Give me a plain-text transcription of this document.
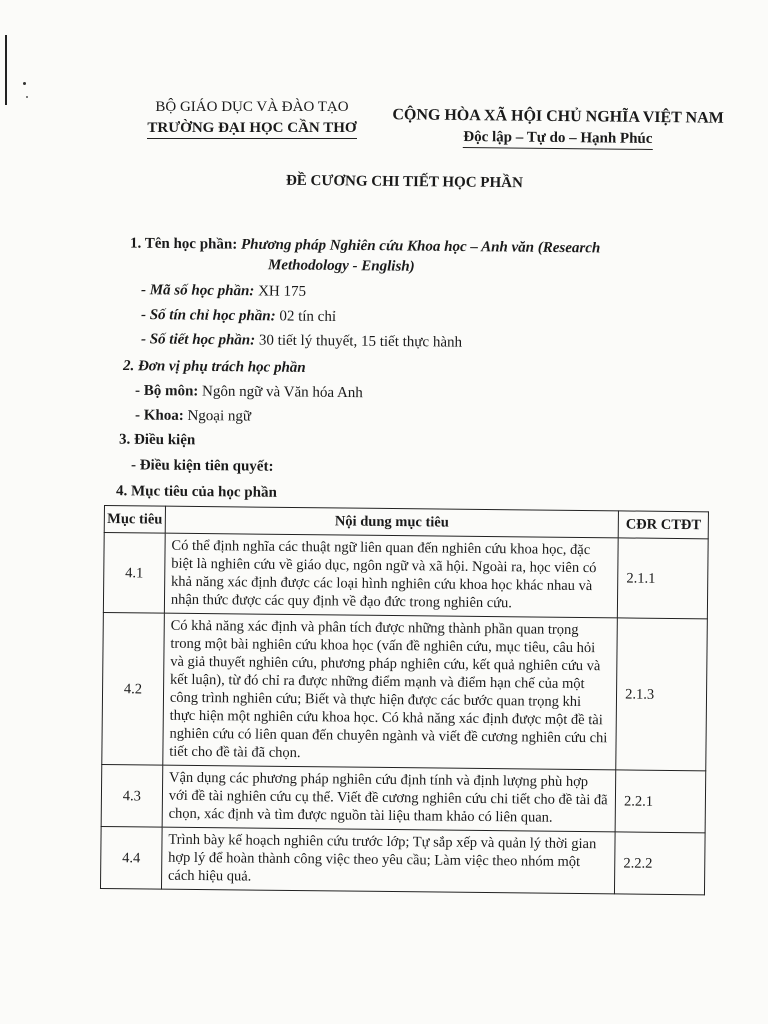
BỘ GIÁO DỤC VÀ ĐÀO TẠO
TRƯỜNG ĐẠI HỌC CẦN THƠ
CỘNG HÒA XÃ HỘI CHỦ NGHĨA VIỆT NAM
Độc lập – Tự do – Hạnh Phúc
ĐỀ CƯƠNG CHI TIẾT HỌC PHẦN
1. Tên học phần: Phương pháp Nghiên cứu Khoa học – Anh văn (Research
Methodology - English)
- Mã số học phần: XH 175
- Số tín chỉ học phần: 02 tín chỉ
- Số tiết học phần: 30 tiết lý thuyết, 15 tiết thực hành
2. Đơn vị phụ trách học phần
- Bộ môn: Ngôn ngữ và Văn hóa Anh
- Khoa: Ngoại ngữ
3. Điều kiện
- Điều kiện tiên quyết:
4. Mục tiêu của học phần
Mục tiêu	Nội dung mục tiêu	CĐR CTĐT
4.1	Có thể định nghĩa các thuật ngữ liên quan đến nghiên cứu khoa học, đặc biệt là nghiên cứu về giáo dục, ngôn ngữ và xã hội. Ngoài ra, học viên có khả năng xác định được các loại hình nghiên cứu khoa học khác nhau và nhận thức được các quy định về đạo đức trong nghiên cứu.	2.1.1
4.2	Có khả năng xác định và phân tích được những thành phần quan trọng trong một bài nghiên cứu khoa học (vấn đề nghiên cứu, mục tiêu, câu hỏi và giả thuyết nghiên cứu, phương pháp nghiên cứu, kết quả nghiên cứu và kết luận), từ đó chỉ ra được những điểm mạnh và điểm hạn chế của một công trình nghiên cứu; Biết và thực hiện được các bước quan trọng khi thực hiện một nghiên cứu khoa học. Có khả năng xác định được một đề tài nghiên cứu có liên quan đến chuyên ngành và viết đề cương nghiên cứu chi tiết cho đề tài đã chọn.	2.1.3
4.3	Vận dụng các phương pháp nghiên cứu định tính và định lượng phù hợp với đề tài nghiên cứu cụ thể. Viết đề cương nghiên cứu chi tiết cho đề tài đã chọn, xác định và tìm được nguồn tài liệu tham khảo có liên quan.	2.2.1
4.4	Trình bày kế hoạch nghiên cứu trước lớp; Tự sắp xếp và quản lý thời gian hợp lý để hoàn thành công việc theo yêu cầu; Làm việc theo nhóm một cách hiệu quả.	2.2.2
